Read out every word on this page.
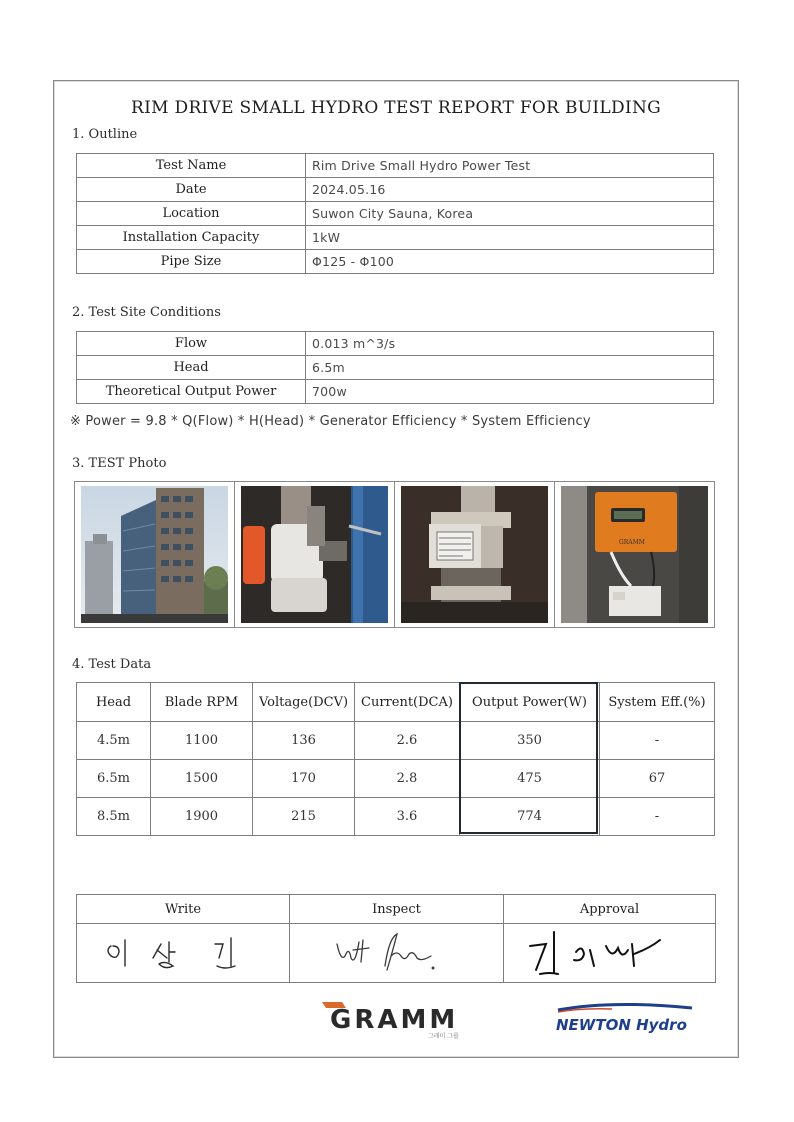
RIM DRIVE SMALL HYDRO TEST REPORT FOR BUILDING
1. Outline
Test Name	Rim Drive Small Hydro Power Test
Date	2024.05.16
Location	Suwon City Sauna, Korea
Installation Capacity	1kW
Pipe Size	Φ125 - Φ100
2. Test Site Conditions
Flow	0.013 m^3/s
Head	6.5m
Theoretical Output Power	700w
※ Power = 9.8 * Q(Flow) * H(Head) * Generator Efficiency * System Efficiency
3. TEST Photo
GRAMM
4. Test Data
Head	Blade RPM	Voltage(DCV)	Current(DCA)	Output Power(W)	System Eff.(%)
4.5m	1100	136	2.6	350	-
6.5m	1500	170	2.8	475	67
8.5m	1900	215	3.6	774	-
Write	Inspect	Approval

GRAMM
그래미 그룹
NEWTON Hydro
